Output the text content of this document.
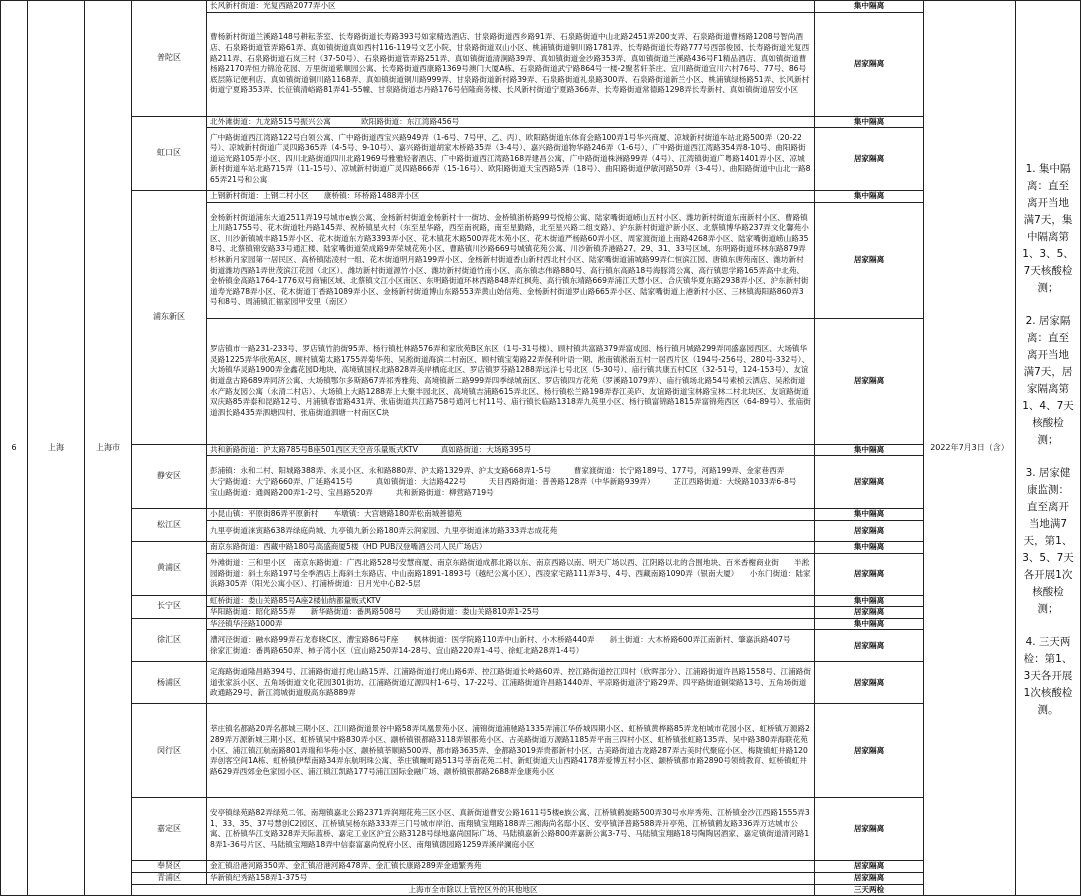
6	上海	上海市	普陀区	长风新村街道：光复西路2077弄小区	集中隔离	2022年7月3日（含）	1. 集中隔离：直至离开当地满7天，集中隔离第1、3、5、7天核酸检测；

2. 居家隔离：直至离开当地满7天，居家隔离第1、4、7天核酸检测；

3. 居家健康监测：直至离开当地满7天，第1、3、5、7天各开展1次核酸检测；

4. 三天两检：第1、3天各开展1次核酸检测。

				曹杨新村街道兰溪路148号耕耘茶室、长寿路街道长寿路393号如家精选酒店、甘泉路街道西乡路91弄、石泉路街道中山北路2451弄200支弄、石泉路街道曹杨路1208号智尚酒店、石泉路街道管弄路61弄、真如镇街道真如西村116-119号文艺小院、甘泉路街道双山小区、桃浦镇街道铜川路1781弄、长寿路街道长寿路777号西部俊园、长寿路街道光复西路211弄、石泉路街道石岚三村（37-50号）、石泉路街道管弄路251弄、真如镇街道清涧路39弄、真如镇街道金沙路353弄、真如镇街道兰溪路436号F1精品酒店、真如镇街道曹杨路2170弄恒力锦沧花园、万里街道紫顺园公寓、长寿路街道西康路1369号澳门大厦A栋、石泉路街道武宁路864号一楼-2聚茗轩茶庄、宜川路街道宜川六村76号、77号、86号底层陈记便利店、真如镇街道铜川路1168弄、真如镇街道铜川路999弄、甘泉路街道新村路39弄、石泉路街道礼泉路300弄、石泉路街道新兰小区、桃浦镇绿杨路51弄、长风新村街道宁夏路353弄、长征镇清峪路81弄41-55幢、甘泉路街道志丹路176号佰隆商务楼、长风新村街道宁夏路366弄、长寿路街道常德路1298弄长寿新村、真如镇街道居安小区	居家隔离		
			虹口区	北外滩街道：九龙路515号振兴公寓　　　　欧阳路街道：东江湾路456号	集中隔离		
				广中路街道西江湾路122号白领公寓、广中路街道西宝兴路949弄（1-6号、7号甲、乙、丙）、欧阳路街道东体育会路100弄1号华兴商厦、凉城新村街道车站北路500弄（20-22号）、凉城新村街道广灵四路365弄（4-5号、9-10号）、嘉兴路街道胡家木桥路35弄（3-4号）、嘉兴路街道物华路246弄（1-6号）、广中路街道西江湾路354弄8-10号、曲阳路街道运光路105弄小区、四川北路街道四川北路1969号雅雅轻奢酒店、广中路街道西江湾路168弄建昌公寓、广中路街道株洲路99弄（4号）、江湾镇街道广粤路1401弄小区、凉城新村街道车站北路715弄（11-15号）、凉城新村街道广灵四路866弄（15-16号）、欧阳路街道天宝西路5弄（18号）、曲阳路街道伊敏河路50弄（3-4号）、曲阳路街道中山北一路865弄21号和公寓	居家隔离		
			浦东新区	上钢新村街道：上钢二村小区　　康桥镇：环桥路1488弄小区	集中隔离		
				金杨新村街道浦东大道2511弄19号城市e族公寓、金杨新村街道金杨新村十一街坊、金桥镇浙桥路99号悦榕公寓、陆家嘴街道崂山五村小区、潍坊新村街道东南新村小区、曹路镇上川路1755号、花木街道牡丹路145弄、祝桥镇星火村（东至星华路，西至南祝路，南至星勤路，北至星兴路二组支路）、沪东新村街道沪新小区、北蔡镇博华路237弄文化馨苑小区、川沙新镇城丰路15弄小区、花木街道东方路3393弄小区、花木镇花木路500弄花木苑小区、花木街道严杨路60弄小区、周家渡街道上南路4268弄小区、陆家嘴街道崂山路358号、北蔡镇锦安路33号通汇楼、陆家嘴街道荣成路9弄荣城花苑小区、曹路镇川沙路669号城镇花苑公寓、川沙新镇乔港路27、29、31、33号区域、东明路街道环林东路879弄杉林新月家园第一居民区、高桥镇陆凌村一组、花木街道明月路199弄小区、金杨新村街道香山新村西北村小区、陆家嘴街道浦城路99弄仁恒滨江园、唐镇东唐苑南区、潍坊新村街道潍坊西路1弄世茂滨江花园（北区）、潍坊新村街道源竹小区、潍坊新村街道竹南小区、高东镇志伟路880号、高行镇东高路18号海豚湾公寓、高行镇思学路165弄高中北苑、金桥镇金高路1764-1776双号商铺区域、北蔡镇文江小区南区、东明路街道环林西路848弄红枫苑、高行镇东靖路669弄浦江天慧小区、合庆镇华夏东路2938弄小区、沪东新村街道寿光路78弄小区、花木街道丁香路1089弄小区、金杨新村街道博山东路553弄黄山始信苑、金杨新村街道罗山路665弄小区、陆家嘴街道上港新村小区、三林镇海阳路860弄3号和8号、周浦镇汇福家园甲安里（南区）	居家隔离		
				罗店镇市一路231-233号、罗店镇竹韵街95弄、杨行镇杜林路576弄和家欣苑B区东区（1号-31号楼）、顾村镇共富路379弄富成园、杨行镇月城路299弄同盛嘉园西区、大场镇华灵路1225弄华欣苑A区、顾村镇菊太路1755弄菊华苑、吴淞街道海滨二村南区、顾村镇宝菊路22弄保利叶语一期、淞南镇淞南五村一居西片区（194号-256号、280号-332号）、大场镇华灵路1900弄金鑫花园D地块、高境镇国权北路828弄美岸栖庭北区、罗店镇罗芬路1288弄远洋七号北区（5-30号）、庙行镇共康五村C区（32-51号，124-153号）、友谊街道盘古路689弄同济公寓、大场镇鄂尔多斯路67弄祁秀雅苑、高境镇新二路999弄四季绿城南区、罗店镇四方花苑（罗溪路1079弄）、庙行镇场北路54号素桢云洒店、吴淞街道水产路友园公寓（永清二村店）、大场镇上大路1288弄上大聚丰园北区、高境镇吉浦路615弄北区、杨行镇松兰路198弄春江美庐、友谊路街道宝林路宝林二村北块区、友谊路街道双庆路85弄泰和昆路12号、月浦镇春雷路431弄、张庙街道共江路758号通河七村11号、庙行镇长临路1318弄九英里小区、杨行镇富锦路1815弄富锦苑西区（64-89号）、张庙街道泗长路435弄泗塘四村、张庙街道泗塘一村南区C块	居家隔离		
			静安区	共和新路街道：沪太路785号B座501西区天空音乐量贩式KTV　　　真如路街道：大场路395号	集中隔离		
				彭浦镇：永和二村、阳城路388弄、永灵小区、永和路880弄、沪太路1329弄、沪太支路668弄1-5号　　　曹家渡街道：长宁路189号、177号，河路199弄、金家巷西弄　　　大宁路街道：大宁路660弄、广延路415号　　　真如镇街道：大洁路422号　　　天目西路街道：普善路128弄（中华新路939弄）　　　芷江西路街道：大统路1033弄6-8号　　　宝山路街道：通阁路200弄1-2号、宝昌路520弄　　　共和新路街道：柳营路719号	居家隔离		
			松江区	小昆山镇：平原街86弄平原新村　　车墩镇：大宫塘路180弄松南城善德苑	集中隔离		
				九里亭街道涞寅路638弄绿庭尚城、九亭镇九新公路180弄云润家园、九里亭街道涞坊路333弄志成花苑	居家隔离		
			黄浦区	南京东路街道：西藏中路180号高盛商厦5楼（HD PUB汉登嘴酒公司人民广场店）	集中隔离		
				外滩街道：三和里小区　南京东路街道：广西北路528号安慧商厦、南京东路街道成都北路以东、南京西路以南、明天广场以西、江阴路以北的合围地块、百米香榭商业街　　半淞园路街道：斜土东路197号全季酒店上海斜土东路店、中山南路1891-1893号（越纪公寓小区）、西凌家宅路111弄3号、4号、西藏南路1090弄（银南大厦）　　小东门街道：陆家浜路305弄（阳光公寓小区）、打浦桥街道：日月光中心B2-5层	居家隔离		
			长宁区	虹桥街道：娄山关路85号A座2楼仙纳都量贩式KTV	集中隔离		
				华阳路街道：昭化路55弄　　新华路街道：番禺路508号　　天山路街道：娄山关路810弄1-25号	居家隔离		
			徐汇区	华泾镇华泾路1000弄	集中隔离		
				漕河泾街道：融水路99弄石龙春晓C区、漕宝路86号F座　　枫林街道：医学院路110弄中山新村、小木桥路440弄　　斜土街道：大木桥路600弄江南新村、肇嘉浜路407号　　　　　　徐家汇街道：番禺路650弄、柿子湾小区（宜山路250弄14-28号、宜山路220弄1-4号、徐虹北路28弄1-4号）	居家隔离		
			杨浦区	定海路街道隆昌路394号、江浦路街道打虎山路15弄、江浦路街道打虎山路6弄、控江路街道长岭路60弄、控江路街道控江四村（欣晖部分）、江浦路街道许昌路1558号、江浦路街道张家浜小区、五角场街道文化花园301街坊、江浦路街道辽源四村1-6号、17-22号、江浦路街道许昌路1440弄、平凉路街道济宁路29弄、四平路街道铜梁路13号、五角场街道政通路29号、新江湾城街道殷高东路889弄	居家隔离		
			闵行区	莘庄镇名都路20弄名都城三期小区、江川路街道景谷中路58弄凤凰景苑小区、浦锦街道浦驰路1335弄浦江华侨城四期小区、虹桥镇黄桦路85弄龙柏城市花园小区、虹桥镇万源路2289弄万源新城三期小区、虹桥镇吴中路830弄小区、颛桥镇银都路3118弄银都苑小区、古美路街道万源路1185弄平南三四村小区、虹桥镇张虹路135弄、吴中路380弄海联花苑小区、浦江镇江航南路801弄瑞和华苑小区、颛桥镇莘顺路500弄、都市路3635弄、金都路3019弄贵都新村小区、古美路街道古龙路287弄古美时代聚庭小区、梅陇镇虹井路120弄创客空间1A栋、虹桥镇伊犁南路34弄东航明珠公寓、莘庄镇疃町路513号莘南花苑二村、新虹街道天山西路4178弄爱博五村小区、颛桥镇都市路2890号领绮教育、虹桥镇虹井路629弄西郊金色家园小区、浦江镇江凯路177号浦江国际金融广场、颛桥镇银都路2688弄金康苑小区	居家隔离		
			嘉定区	安亭镇绿苑路82弄绿苑二邻、南翔镇嘉北公路2371弄润翔花苑三区小区、真新街道曹安公路1611号5楼e族公寓、江桥镇鹤旋路500弄30号水岸秀苑、江桥镇金沙江西路1555弄31、33、35、37号慧创C2园区、江桥镇吴杨东路333弄三门号城市岸泊、南翔镇宝翔路188弄三湘海尚名邸小区、安亭镇泽普路588弄升亭苑、江桥镇鹤友路336弄万达城市公寓、江桥镇华江支路328弄天际蓝桥、嘉定工业区沪宜公路3128号绿地嘉尚国际广场、马陆镇嘉新公路800弄嘉新公寓3-7号、马陆镇宝翔路18号陶陶居酒家、嘉定镇街道清河路18弄1-36号片区、马陆镇宝翔路18弄中信泰富嘉尚悦府小区、南翔镇德园路1259弄溪岸澜庭小区	居家隔离		
			奉贤区	金汇镇沿港河路350弄、金汇镇沿港河路478弄、金汇镇长康路289弄金通繁秀苑	居家隔离		
			青浦区	华新镇纪秀路158弄1-375号	居家隔离		
			上海市全市除以上管控区外的其他地区		三天两检		
